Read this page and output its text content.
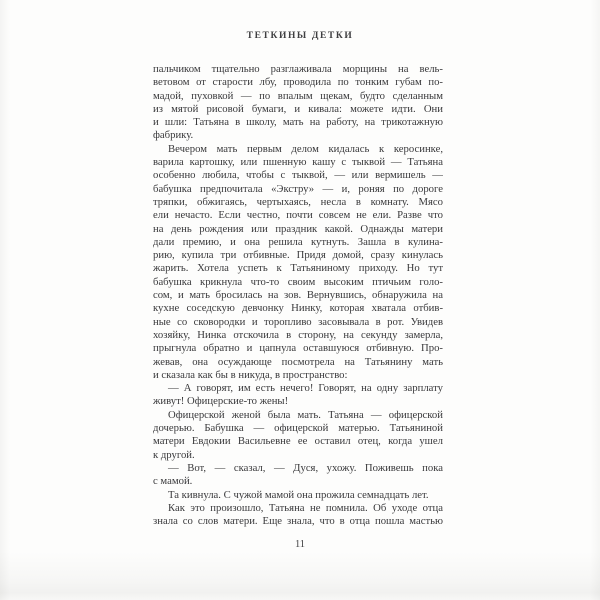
ТЕТКИНЫ ДЕТКИ
пальчиком тщательно разглаживала морщины на вель-
ветовом от старости лбу, проводила по тонким губам по-
мадой, пуховкой — по впалым щекам, будто сделанным
из мятой рисовой бумаги, и кивала: можете идти. Они
и шли: Татьяна в школу, мать на работу, на трикотажную
фабрику.
Вечером мать первым делом кидалась к керосинке,
варила картошку, или пшенную кашу с тыквой — Татьяна
особенно любила, чтобы с тыквой, — или вермишель —
бабушка предпочитала «Экстру» — и, роняя по дороге
тряпки, обжигаясь, чертыхаясь, несла в комнату. Мясо
ели нечасто. Если честно, почти совсем не ели. Разве что
на день рождения или праздник какой. Однажды матери
дали премию, и она решила кутнуть. Зашла в кулина-
рию, купила три отбивные. Придя домой, сразу кинулась
жарить. Хотела успеть к Татьяниному приходу. Но тут
бабушка крикнула что-то своим высоким птичьим голо-
сом, и мать бросилась на зов. Вернувшись, обнаружила на
кухне соседскую девчонку Нинку, которая хватала отбив-
ные со сковородки и торопливо засовывала в рот. Увидев
хозяйку, Нинка отскочила в сторону, на секунду замерла,
прыгнула обратно и цапнула оставшуюся отбивную. Про-
жевав, она осуждающе посмотрела на Татьянину мать
и сказала как бы в никуда, в пространство:
— А говорят, им есть нечего! Говорят, на одну зарплату
живут! Офицерские-то жены!
Офицерской женой была мать. Татьяна — офицерской
дочерью. Бабушка — офицерской матерью. Татьяниной
матери Евдокии Васильевне ее оставил отец, когда ушел
к другой.
— Вот, — сказал, — Дуся, ухожу. Поживешь пока
с мамой.
Та кивнула. С чужой мамой она прожила семнадцать лет.
Как это произошло, Татьяна не помнила. Об уходе отца
знала со слов матери. Еще знала, что в отца пошла мастью
11
